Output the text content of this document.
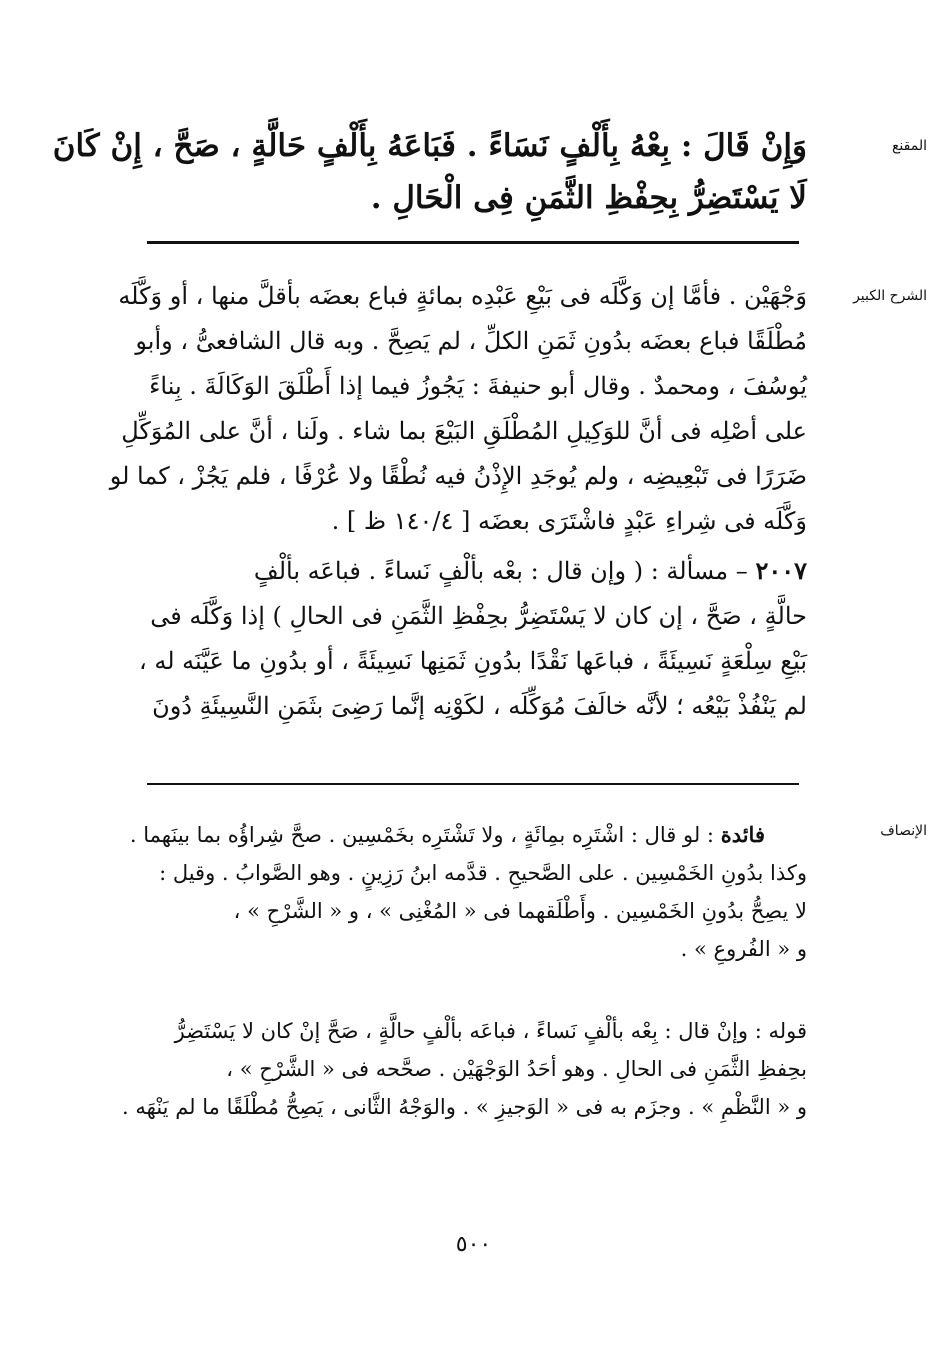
المقنع
الشرح الكبير
الإنصاف
وَإِنْ قَالَ : بِعْهُ بِأَلْفٍ نَسَاءً . فَبَاعَهُ بِأَلْفٍ حَالَّةٍ ، صَحَّ ، إِنْ كَانَ
لَا يَسْتَضِرُّ بِحِفْظِ الثَّمَنِ فِى الْحَالِ .
وَجْهَيْن . فأمَّا إن وَكَّلَه فى بَيْعِ عَبْدِه بمائةٍ فباع بعضَه بأقلَّ منها ، أو وَكَّلَه
مُطْلَقًا فباع بعضَه بدُونِ ثَمَنِ الكلِّ ، لم يَصِحَّ . وبه قال الشافعىُّ ، وأبو
يُوسُفَ ، ومحمدٌ . وقال أبو حنيفةَ : يَجُوزُ فيما إذا أَطْلَقَ الوَكَالَةَ . بِناءً
على أصْلِه فى أنَّ للوَكِيلِ المُطْلَقِ البَيْعَ بما شاء . ولَنا ، أنَّ على المُوَكِّلِ
ضَرَرًا فى تَبْعِيضِه ، ولم يُوجَدِ الإِذْنُ فيه نُطْقًا ولا عُرْفًا ، فلم يَجُزْ ، كما لو
وَكَّلَه فى شِراءِ عَبْدٍ فاشْتَرَى بعضَه [ ١٤٠/٤ ظ ] .
٢٠٠٧ – مسألة : ( وإن قال : بعْه بألْفٍ نَساءً . فباعَه بألْفٍ
حالَّةٍ ، صَحَّ ، إن كان لا يَسْتَضِرُّ بحِفْظِ الثَّمَنِ فى الحالِ ) إذا وَكَّلَه فى
بَيْعِ سِلْعَةٍ نَسِيئَةً ، فباعَها نَقْدًا بدُونِ ثَمَنِها نَسِيئَةً ، أو بدُونِ ما عَيَّنَه له ،
لم يَنْفُذْ بَيْعُه ؛ لأنَّه خالَفَ مُوَكِّلَه ، لكَوْنِه إنَّما رَضِىَ بثَمَنِ النَّسِيئَةِ دُونَ
  فائدة : لو قال : اشْتَرِه بمِائَةٍ ، ولا تَشْتَرِه بخَمْسِين . صحَّ شِراؤُه بما بينَهما .
وكذا بدُونِ الخَمْسِين . على الصَّحيحِ . قدَّمه ابنُ رَزِينٍ . وهو الصَّوابُ . وقيل :
لا يصِحُّ بدُونِ الخَمْسِين . وأَطْلَقهما فى « المُغْنِى » ، و « الشَّرْحِ » ،
و « الفُروعِ » .
قوله : وإنْ قال : بِعْه بألْفٍ نَساءً ، فباعَه بألْفٍ حالَّةٍ ، صَحَّ إنْ كان لا يَسْتَضِرُّ
بحِفظِ الثَّمَنِ فى الحالِ . وهو أحَدُ الوَجْهَيْن . صحَّحه فى « الشَّرْحِ » ،
و « النَّظْمِ » . وجزَم به فى « الوَجيزِ » . والوَجْهُ الثَّانى ، يَصِحُّ مُطْلَقًا ما لم يَنْهَه .
٥٠٠
